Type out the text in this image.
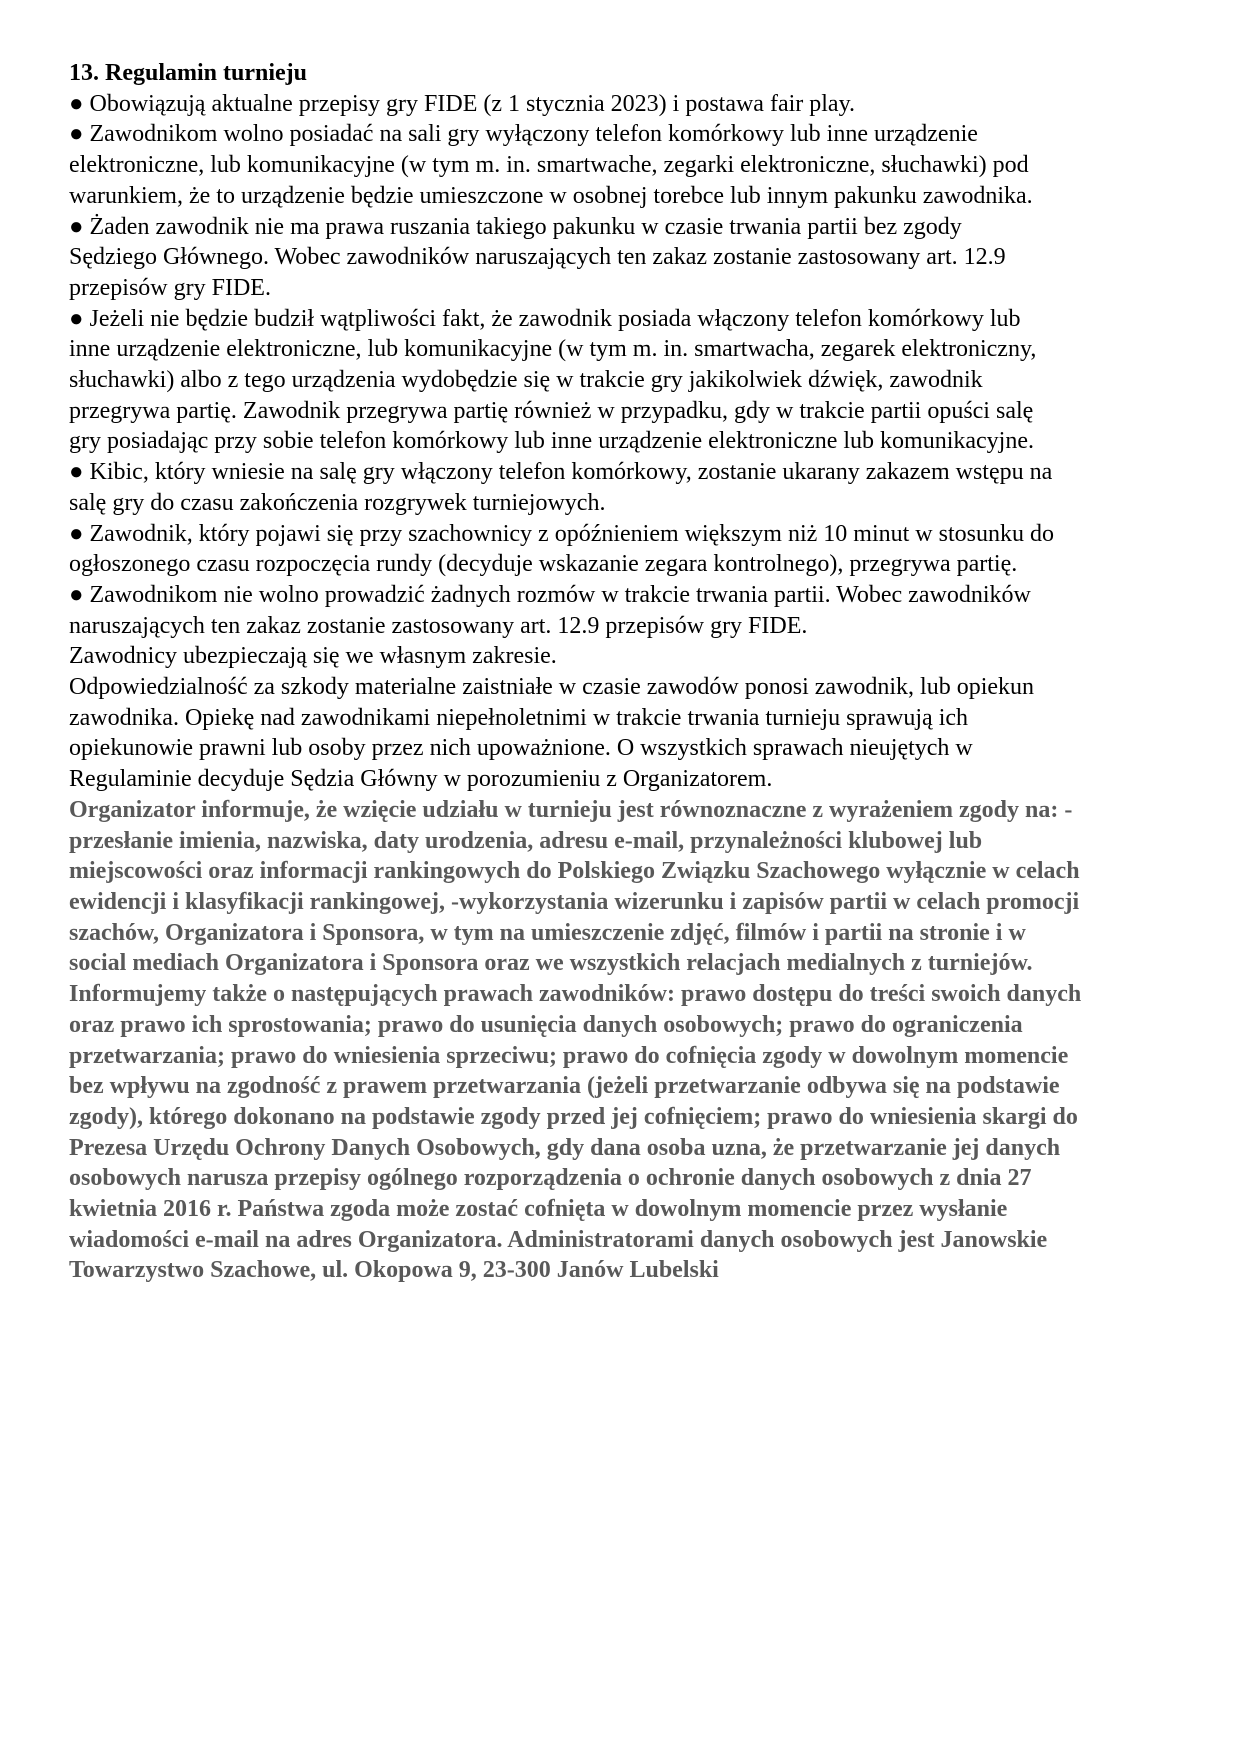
13. Regulamin turnieju

● Obowiązują aktualne przepisy gry FIDE (z 1 stycznia 2023) i postawa fair play.

● Zawodnikom wolno posiadać na sali gry wyłączony telefon komórkowy lub inne urządzenie
elektroniczne, lub komunikacyjne (w tym m. in. smartwache, zegarki elektroniczne, słuchawki) pod
warunkiem, że to urządzenie będzie umieszczone w osobnej torebce lub innym pakunku zawodnika.

● Żaden zawodnik nie ma prawa ruszania takiego pakunku w czasie trwania partii bez zgody
Sędziego Głównego. Wobec zawodników naruszających ten zakaz zostanie zastosowany art. 12.9
przepisów gry FIDE.

● Jeżeli nie będzie budził wątpliwości fakt, że zawodnik posiada włączony telefon komórkowy lub
inne urządzenie elektroniczne, lub komunikacyjne (w tym m. in. smartwacha, zegarek elektroniczny,
słuchawki) albo z tego urządzenia wydobędzie się w trakcie gry jakikolwiek dźwięk, zawodnik
przegrywa partię. Zawodnik przegrywa partię również w przypadku, gdy w trakcie partii opuści salę
gry posiadając przy sobie telefon komórkowy lub inne urządzenie elektroniczne lub komunikacyjne.

● Kibic, który wniesie na salę gry włączony telefon komórkowy, zostanie ukarany zakazem wstępu na
salę gry do czasu zakończenia rozgrywek turniejowych.

● Zawodnik, który pojawi się przy szachownicy z opóźnieniem większym niż 10 minut w stosunku do
ogłoszonego czasu rozpoczęcia rundy (decyduje wskazanie zegara kontrolnego), przegrywa partię.

● Zawodnikom nie wolno prowadzić żadnych rozmów w trakcie trwania partii. Wobec zawodników
naruszających ten zakaz zostanie zastosowany art. 12.9 przepisów gry FIDE.

Zawodnicy ubezpieczają się we własnym zakresie.

Odpowiedzialność za szkody materialne zaistniałe w czasie zawodów ponosi zawodnik, lub opiekun
zawodnika. Opiekę nad zawodnikami niepełnoletnimi w trakcie trwania turnieju sprawują ich
opiekunowie prawni lub osoby przez nich upoważnione. O wszystkich sprawach nieujętych w
Regulaminie decyduje Sędzia Główny w porozumieniu z Organizatorem.

Organizator informuje, że wzięcie udziału w turnieju jest równoznaczne z wyrażeniem zgody na: -
przesłanie imienia, nazwiska, daty urodzenia, adresu e-mail, przynależności klubowej lub
miejscowości oraz informacji rankingowych do Polskiego Związku Szachowego wyłącznie w celach
ewidencji i klasyfikacji rankingowej, -wykorzystania wizerunku i zapisów partii w celach promocji
szachów, Organizatora i Sponsora, w tym na umieszczenie zdjęć, filmów i partii na stronie i w
social mediach Organizatora i Sponsora oraz we wszystkich relacjach medialnych z turniejów.
Informujemy także o następujących prawach zawodników: prawo dostępu do treści swoich danych
oraz prawo ich sprostowania; prawo do usunięcia danych osobowych; prawo do ograniczenia
przetwarzania; prawo do wniesienia sprzeciwu; prawo do cofnięcia zgody w dowolnym momencie
bez wpływu na zgodność z prawem przetwarzania (jeżeli przetwarzanie odbywa się na podstawie
zgody), którego dokonano na podstawie zgody przed jej cofnięciem; prawo do wniesienia skargi do
Prezesa Urzędu Ochrony Danych Osobowych, gdy dana osoba uzna, że przetwarzanie jej danych
osobowych narusza przepisy ogólnego rozporządzenia o ochronie danych osobowych z dnia 27
kwietnia 2016 r. Państwa zgoda może zostać cofnięta w dowolnym momencie przez wysłanie
wiadomości e-mail na adres Organizatora. Administratorami danych osobowych jest Janowskie
Towarzystwo Szachowe, ul. Okopowa 9, 23-300 Janów Lubelski
